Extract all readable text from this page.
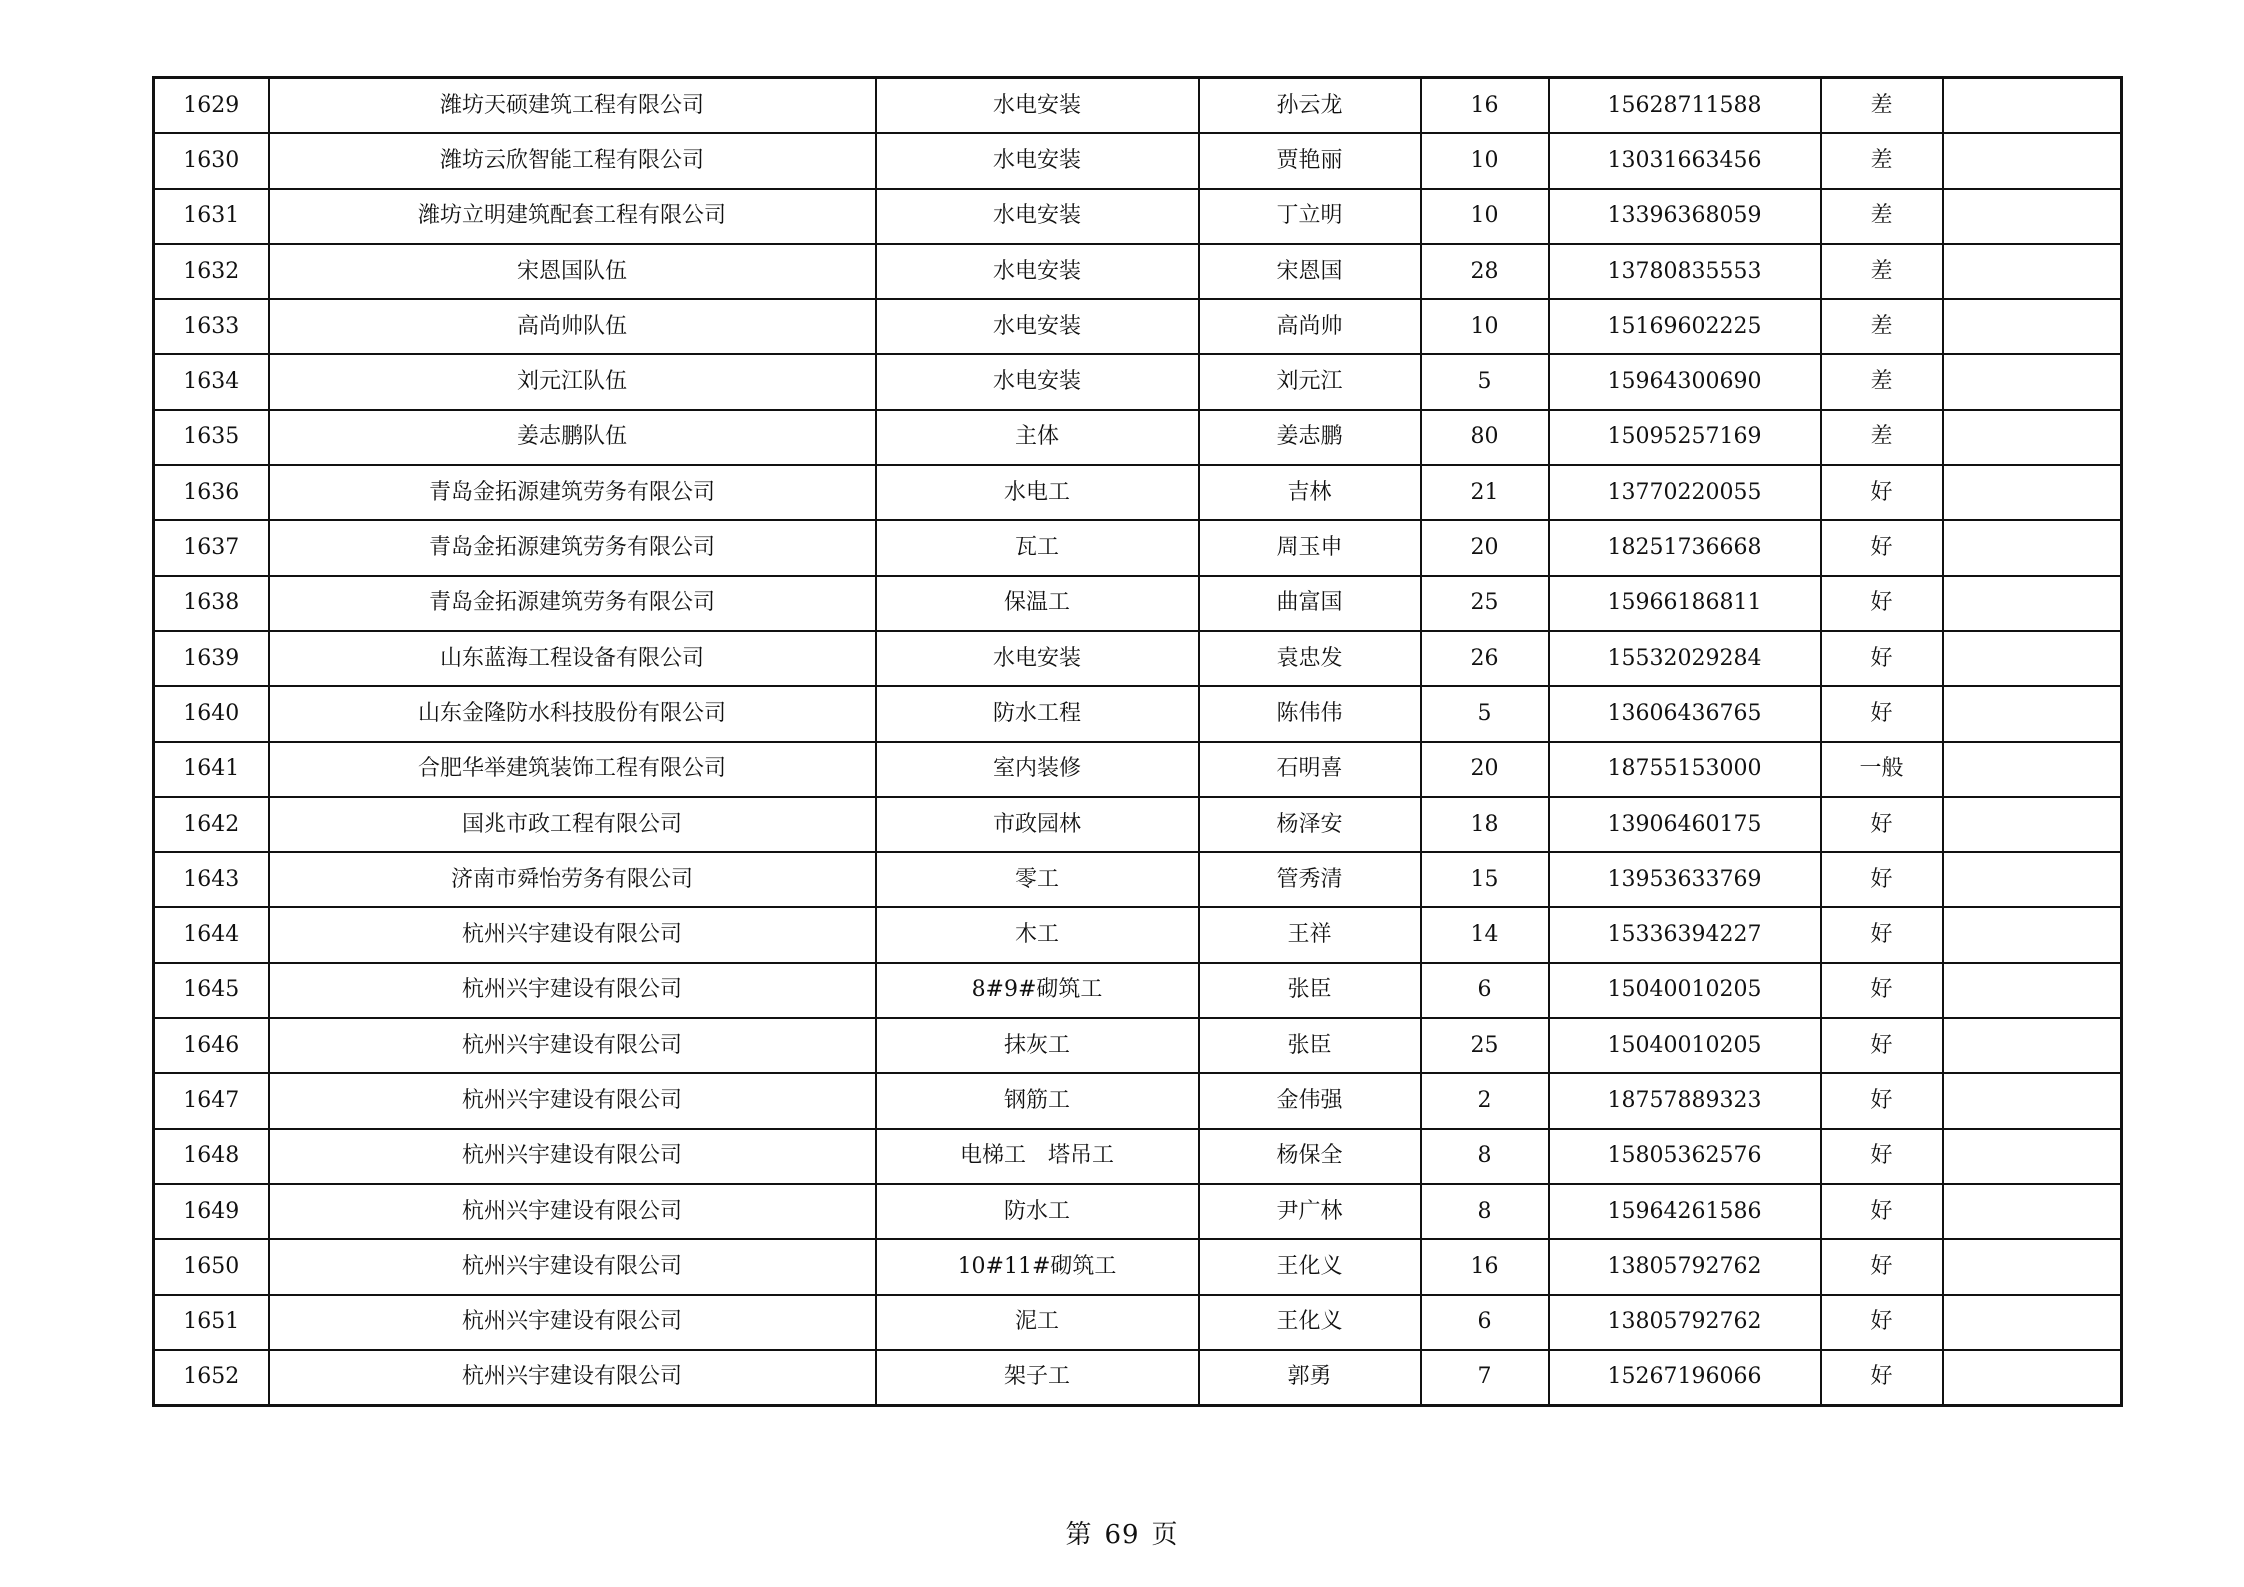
1629	潍坊天硕建筑工程有限公司	水电安装	孙云龙	16	15628711588	差	
1630	潍坊云欣智能工程有限公司	水电安装	贾艳丽	10	13031663456	差	
1631	潍坊立明建筑配套工程有限公司	水电安装	丁立明	10	13396368059	差	
1632	宋恩国队伍	水电安装	宋恩国	28	13780835553	差	
1633	高尚帅队伍	水电安装	高尚帅	10	15169602225	差	
1634	刘元江队伍	水电安装	刘元江	5	15964300690	差	
1635	姜志鹏队伍	主体	姜志鹏	80	15095257169	差	
1636	青岛金拓源建筑劳务有限公司	水电工	吉林	21	13770220055	好	
1637	青岛金拓源建筑劳务有限公司	瓦工	周玉申	20	18251736668	好	
1638	青岛金拓源建筑劳务有限公司	保温工	曲富国	25	15966186811	好	
1639	山东蓝海工程设备有限公司	水电安装	袁忠发	26	15532029284	好	
1640	山东金隆防水科技股份有限公司	防水工程	陈伟伟	5	13606436765	好	
1641	合肥华举建筑装饰工程有限公司	室内装修	石明喜	20	18755153000	一般	
1642	国兆市政工程有限公司	市政园林	杨泽安	18	13906460175	好	
1643	济南市舜怡劳务有限公司	零工	管秀清	15	13953633769	好	
1644	杭州兴宇建设有限公司	木工	王祥	14	15336394227	好	
1645	杭州兴宇建设有限公司	8#9#砌筑工	张臣	6	15040010205	好	
1646	杭州兴宇建设有限公司	抹灰工	张臣	25	15040010205	好	
1647	杭州兴宇建设有限公司	钢筋工	金伟强	2	18757889323	好	
1648	杭州兴宇建设有限公司	电梯工　塔吊工	杨保全	8	15805362576	好	
1649	杭州兴宇建设有限公司	防水工	尹广林	8	15964261586	好	
1650	杭州兴宇建设有限公司	10#11#砌筑工	王化义	16	13805792762	好	
1651	杭州兴宇建设有限公司	泥工	王化义	6	13805792762	好	
1652	杭州兴宇建设有限公司	架子工	郭勇	7	15267196066	好	
第 69 页
